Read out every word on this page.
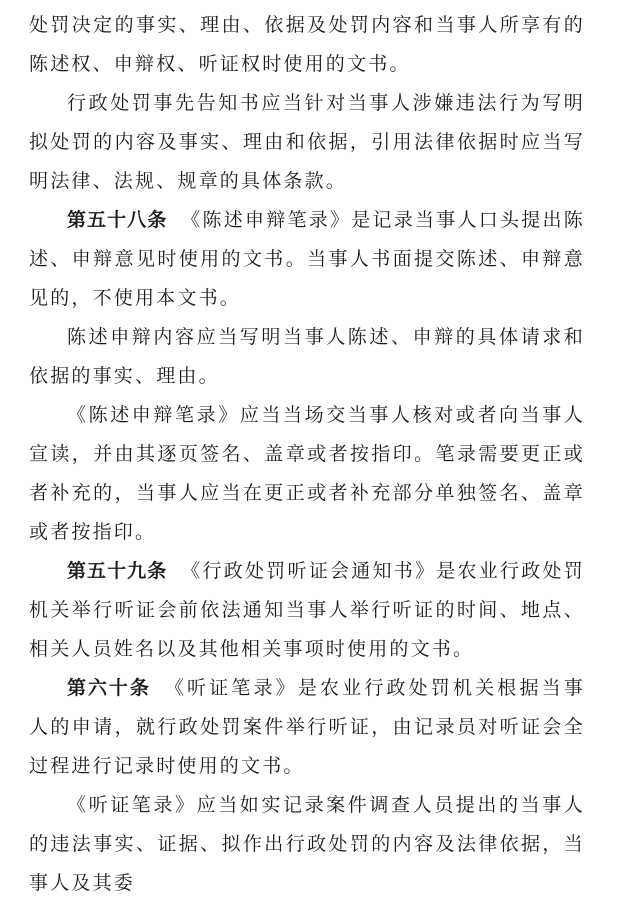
处罚决定的事实、理由、依据及处罚内容和当事人所享有的陈述权、申辩权、听证权时使用的文书。

行政处罚事先告知书应当针对当事人涉嫌违法行为写明拟处罚的内容及事实、理由和依据，引用法律依据时应当写明法律、法规、规章的具体条款。

第五十八条 《陈述申辩笔录》是记录当事人口头提出陈述、申辩意见时使用的文书。当事人书面提交陈述、申辩意见的，不使用本文书。

陈述申辩内容应当写明当事人陈述、申辩的具体请求和依据的事实、理由。

《陈述申辩笔录》应当当场交当事人核对或者向当事人宣读，并由其逐页签名、盖章或者按指印。笔录需要更正或者补充的，当事人应当在更正或者补充部分单独签名、盖章或者按指印。

第五十九条 《行政处罚听证会通知书》是农业行政处罚机关举行听证会前依法通知当事人举行听证的时间、地点、相关人员姓名以及其他相关事项时使用的文书。

第六十条 《听证笔录》是农业行政处罚机关根据当事人的申请，就行政处罚案件举行听证，由记录员对听证会全过程进行记录时使用的文书。

《听证笔录》应当如实记录案件调查人员提出的当事人的违法事实、证据、拟作出行政处罚的内容及法律依据，当事人及其委
